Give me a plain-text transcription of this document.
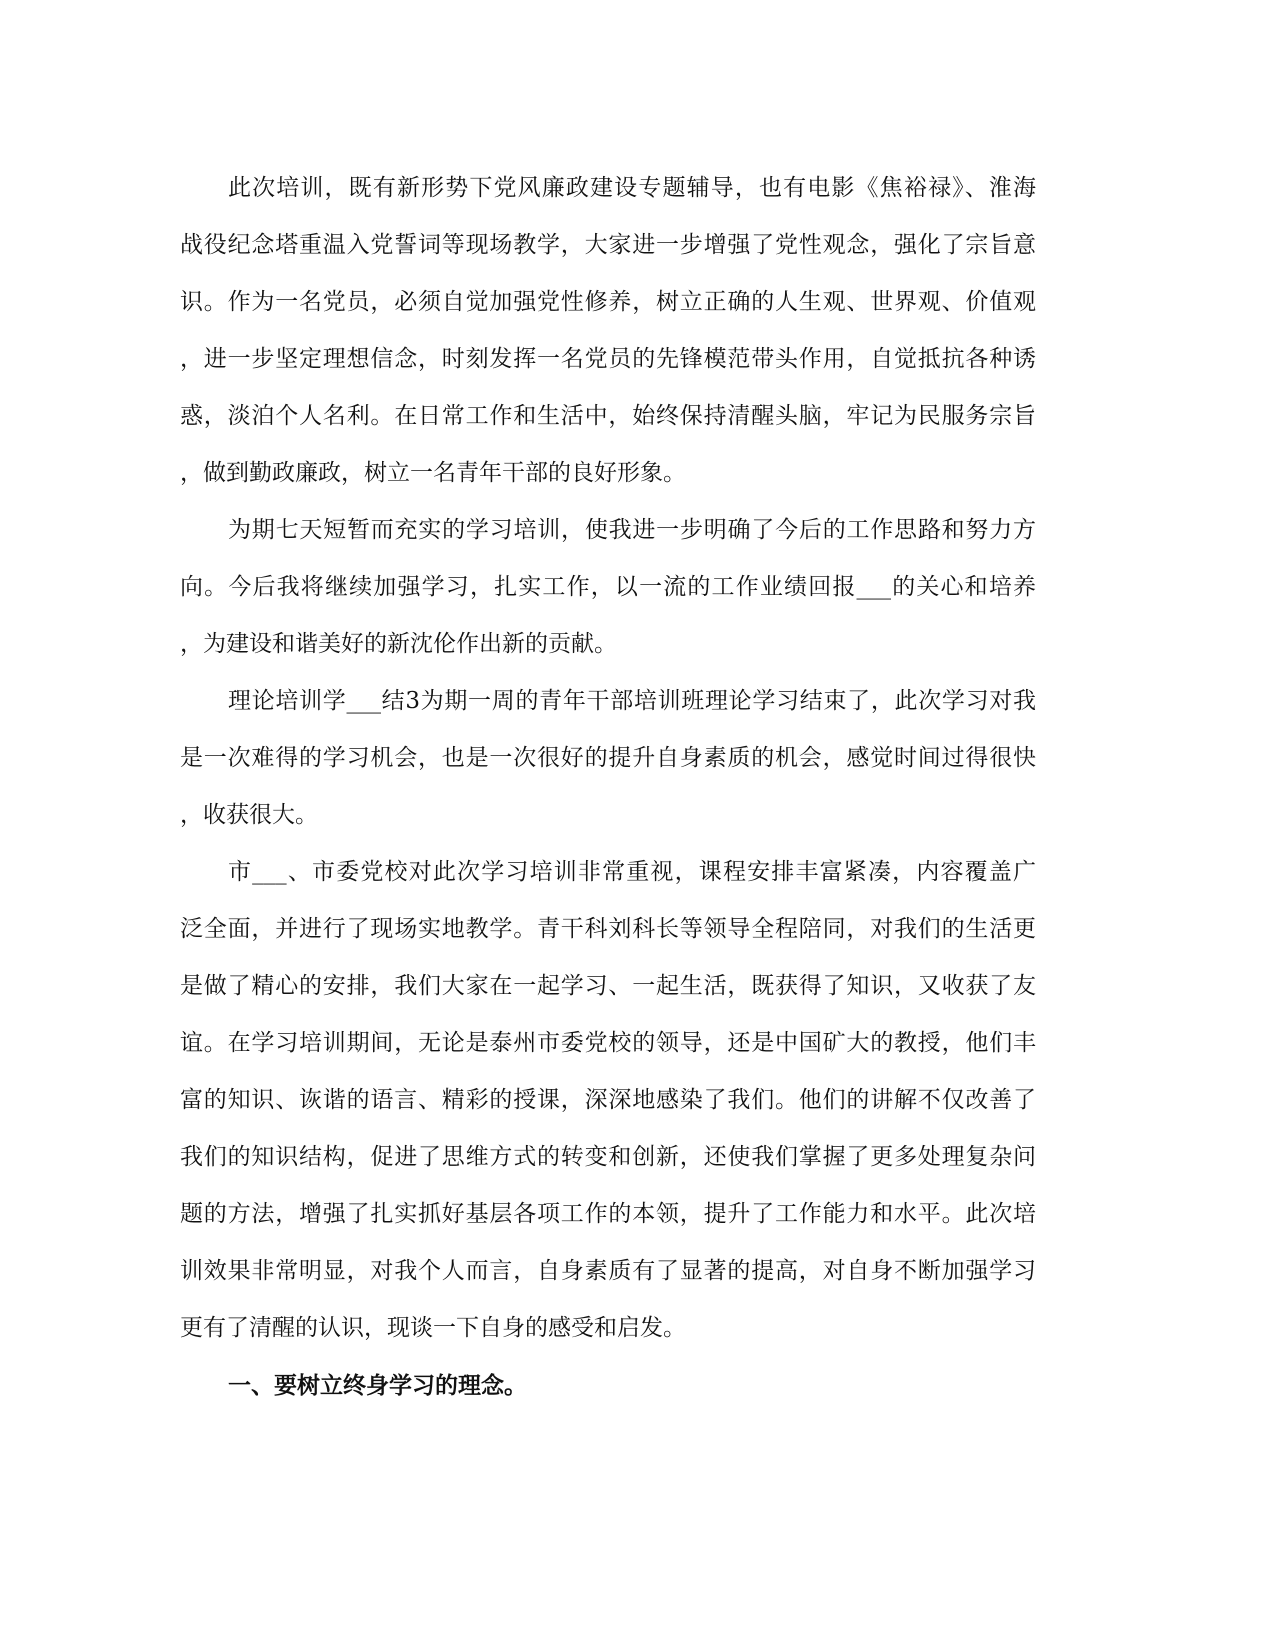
此次培训，既有新形势下党风廉政建设专题辅导，也有电影《焦裕禄》、淮海
战役纪念塔重温入党誓词等现场教学，大家进一步增强了党性观念，强化了宗旨意
识。作为一名党员，必须自觉加强党性修养，树立正确的人生观、世界观、价值观
，进一步坚定理想信念，时刻发挥一名党员的先锋模范带头作用，自觉抵抗各种诱
惑，淡泊个人名利。在日常工作和生活中，始终保持清醒头脑，牢记为民服务宗旨
，做到勤政廉政，树立一名青年干部的良好形象。
为期七天短暂而充实的学习培训，使我进一步明确了今后的工作思路和努力方
向。今后我将继续加强学习，扎实工作，以一流的工作业绩回报___的关心和培养
，为建设和谐美好的新沈伦作出新的贡献。
理论培训学___结3为期一周的青年干部培训班理论学习结束了，此次学习对我
是一次难得的学习机会，也是一次很好的提升自身素质的机会，感觉时间过得很快
，收获很大。
市___、市委党校对此次学习培训非常重视，课程安排丰富紧凑，内容覆盖广
泛全面，并进行了现场实地教学。青干科刘科长等领导全程陪同，对我们的生活更
是做了精心的安排，我们大家在一起学习、一起生活，既获得了知识，又收获了友
谊。在学习培训期间，无论是泰州市委党校的领导，还是中国矿大的教授，他们丰
富的知识、诙谐的语言、精彩的授课，深深地感染了我们。他们的讲解不仅改善了
我们的知识结构，促进了思维方式的转变和创新，还使我们掌握了更多处理复杂问
题的方法，增强了扎实抓好基层各项工作的本领，提升了工作能力和水平。此次培
训效果非常明显，对我个人而言，自身素质有了显著的提高，对自身不断加强学习
更有了清醒的认识，现谈一下自身的感受和启发。
一、要树立终身学习的理念。
